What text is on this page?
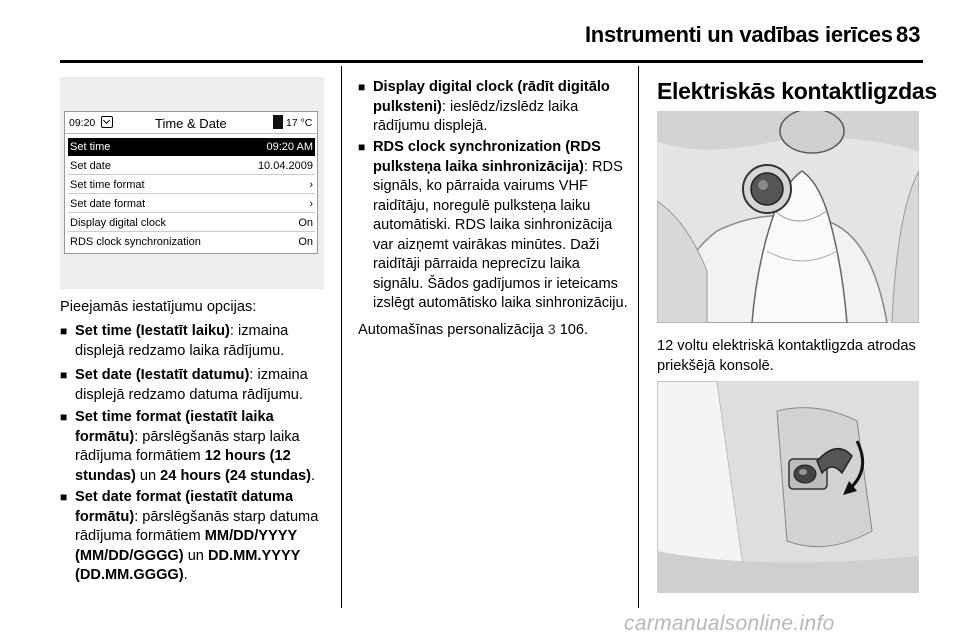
Instrumenti un vadības ierīces 83
09:20	Time & Date	17 °C
Set time	09:20 AM
Set date	10.04.2009
Set time format	›
Set date format	›
Display digital clock	On
RDS clock synchronization	On
Pieejamās iestatījumu opcijas:
■ Set time (Iestatīt laiku): izmaina displejā redzamo laika rādījumu.
■ Set date (Iestatīt datumu): izmaina displejā redzamo datuma rādījumu.
■ Set time format (iestatīt laika formātu): pārslēgšanās starp laika rādījuma formātiem 12 hours (12 stundas) un 24 hours (24 stundas).
■ Set date format (iestatīt datuma formātu): pārslēgšanās starp datuma rādījuma formātiem MM/DD/YYYY (MM/DD/GGGG) un DD.MM.YYYY (DD.MM.GGGG).
■ Display digital clock (rādīt digitālo pulksteni): ieslēdz/izslēdz laika rādījumu displejā.
■ RDS clock synchronization (RDS pulksteņa laika sinhronizācija): RDS signāls, ko pārraida vairums VHF raidītāju, noregulē pulksteņa laiku automātiski. RDS laika sinhronizācija var aizņemt vairākas minūtes. Daži raidītāji pārraida neprecīzu laika signālu. Šādos gadījumos ir ieteicams izslēgt automātisko laika sinhronizāciju.
Automašīnas personalizācija 3 106.
Elektriskās kontaktligzdas
12 voltu elektriskā kontaktligzda atrodas priekšējā konsolē.
carmanualsonline.info
